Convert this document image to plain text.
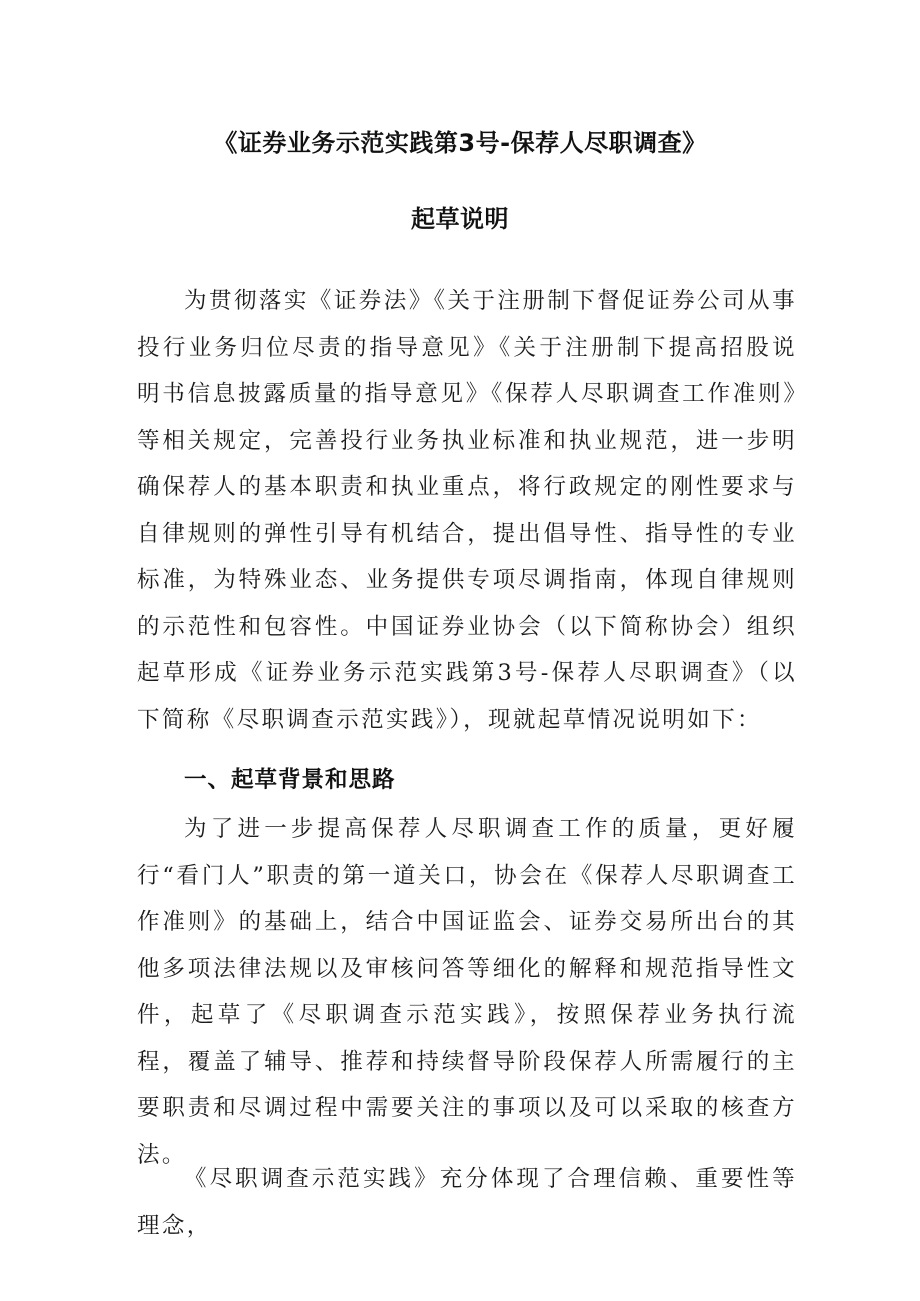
《证券业务示范实践第3号-保荐人尽职调查》
起草说明

为贯彻落实《证券法》《关于注册制下督促证券公司从事投行业务归位尽责的指导意见》《关于注册制下提高招股说明书信息披露质量的指导意见》《保荐人尽职调查工作准则》等相关规定，完善投行业务执业标准和执业规范，进一步明确保荐人的基本职责和执业重点，将行政规定的刚性要求与自律规则的弹性引导有机结合，提出倡导性、指导性的专业标准，为特殊业态、业务提供专项尽调指南，体现自律规则的示范性和包容性。中国证券业协会（以下简称协会）组织起草形成《证券业务示范实践第3号-保荐人尽职调查》（以下简称《尽职调查示范实践》），现就起草情况说明如下：

一、起草背景和思路

为了进一步提高保荐人尽职调查工作的质量，更好履行“看门人”职责的第一道关口，协会在《保荐人尽职调查工作准则》的基础上，结合中国证监会、证券交易所出台的其他多项法律法规以及审核问答等细化的解释和规范指导性文件，起草了《尽职调查示范实践》，按照保荐业务执行流程，覆盖了辅导、推荐和持续督导阶段保荐人所需履行的主要职责和尽调过程中需要关注的事项以及可以采取的核查方法。

《尽职调查示范实践》充分体现了合理信赖、重要性等理念，
